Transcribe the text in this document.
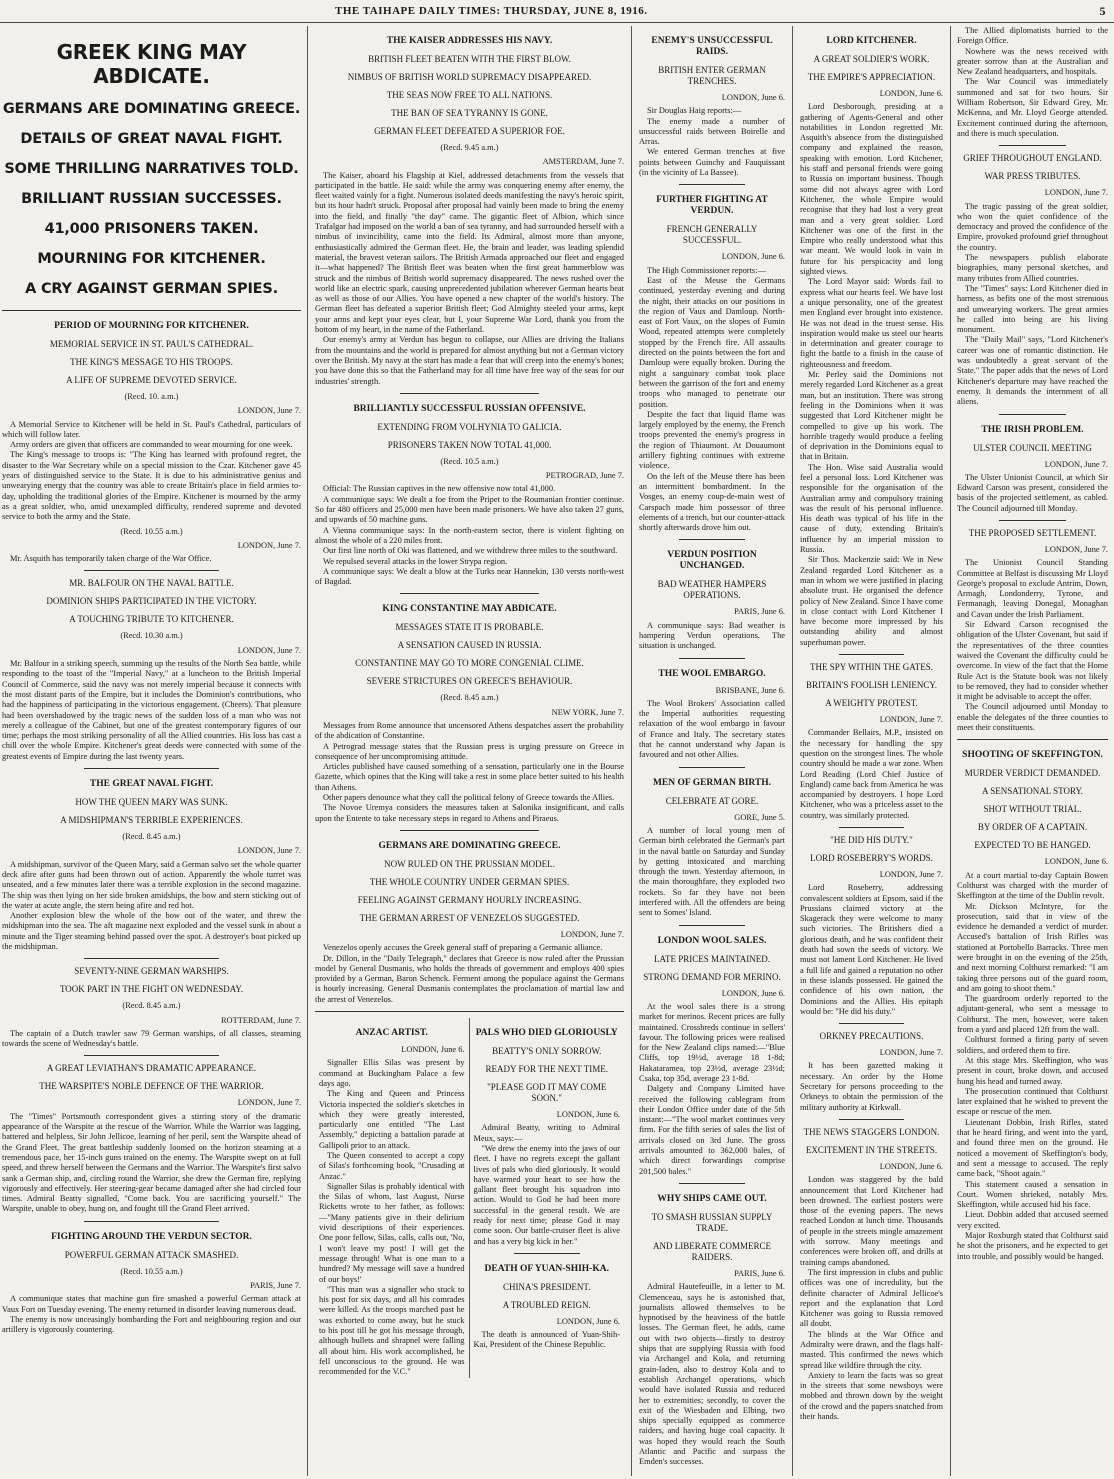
THE TAIHAPE DAILY TIMES: THURSDAY, JUNE 8, 1916.	5
GREEK KING MAY ABDICATE.
GERMANS ARE DOMINATING GREECE.
DETAILS OF GREAT NAVAL FIGHT.
SOME THRILLING NARRATIVES TOLD.
BRILLIANT RUSSIAN SUCCESSES.
41,000 PRISONERS TAKEN.
MOURNING FOR KITCHENER.
A CRY AGAINST GERMAN SPIES.
PERIOD OF MOURNING FOR KITCHENER.
MEMORIAL SERVICE IN ST. PAUL'S CATHEDRAL.
THE KING'S MESSAGE TO HIS TROOPS.
A LIFE OF SUPREME DEVOTED SERVICE.
(Recd. 10. a.m.)
LONDON, June 7.

A Memorial Service to Kitchener will be held in St. Paul's Cathedral, particulars of which will follow later.

Army orders are given that officers are commanded to wear mourning for one week.

The King's message to troops is: "The King has learned with profound regret, the disaster to the War Secretary while on a special mission to the Czar. Kitchener gave 45 years of distinguished service to the State. It is due to his administrative genius and unwearying energy that the country was able to create Britain's place in field armies to-day, upholding the traditional glories of the Empire. Kitchener is mourned by the army as a great soldier, who, amid unexampled difficulty, rendered supreme and devoted service to both the army and the State.

(Recd. 10.55 a.m.)
LONDON, June 7.

Mr. Asquith has temporarily taken charge of the War Office.

MR. BALFOUR ON THE NAVAL BATTLE.
DOMINION SHIPS PARTICIPATED IN THE VICTORY.
A TOUCHING TRIBUTE TO KITCHENER.
(Recd. 10.30 a.m.)
LONDON, June 7.

Mr. Balfour in a striking speech, summing up the results of the North Sea battle, while responding to the toast of the "Imperial Navy," at a luncheon to the British Imperial Council of Commerce, said the navy was not merely imperial because it connects with the most distant parts of the Empire, but it includes the Dominion's contributions, who had the happiness of participating in the victorious engagement. (Cheers). That pleasure had been overshadowed by the tragic news of the sudden loss of a man who was not merely a colleague of the Cabinet, but one of the greatest contemporary figures of our time; perhaps the most striking personality of all the Allied countries. His loss has cast a chill over the whole Empire. Kitchener's great deeds were connected with some of the greatest events of Empire during the last twenty years.

THE GREAT NAVAL FIGHT.
HOW THE QUEEN MARY WAS SUNK.
A MIDSHIPMAN'S TERRIBLE EXPERIENCES.
(Recd. 8.45 a.m.)
LONDON, June 7.

A midshipman, survivor of the Queen Mary, said a German salvo set the whole quarter deck afire after guns had been thrown out of action. Apparently the whole turret was unseated, and a few minutes later there was a terrible explosion in the second magazine. The ship was then lying on her side broken amidships, the bow and stern sticking out of the water at acute angle, the stern being afire and red hot.

Another explosion blew the whole of the bow out of the water, and threw the midshipman into the sea. The aft magazine next exploded and the vessel sunk in about a minute and the Tiger steaming behind passed over the spot. A destroyer's boat picked up the midshipman.

SEVENTY-NINE GERMAN WARSHIPS.
TOOK PART IN THE FIGHT ON WEDNESDAY.
(Recd. 8.45 a.m.)
ROTTERDAM, June 7.

The captain of a Dutch trawler saw 79 German warships, of all classes, steaming towards the scene of Wednesday's battle.

A GREAT LEVIATHAN'S DRAMATIC APPEARANCE.
THE WARSPITE'S NOBLE DEFENCE OF THE WARRIOR.
LONDON, June 7.

The "Times" Portsmouth correspondent gives a stirring story of the dramatic appearance of the Warspite at the rescue of the Warrior. While the Warrior was lagging, battered and helpless, Sir John Jellicoe, learning of her peril, sent the Warspite ahead of the Grand Fleet. The great battleship suddenly loomed on the horizon steaming at a tremendous pace, her 15-inch guns trained on the enemy. The Warspite swept on at full speed, and threw herself between the Germans and the Warrior. The Warspite's first salvo sank a German ship, and, circling round the Warrior, she drew the German fire, replying vigorously and effectively. Her steering-gear became damaged after she had circled four times. Admiral Beatty signalled, "Come back. You are sacrificing yourself." The Warspite, unable to obey, hung on, and fought till the Grand Fleet arrived.

FIGHTING AROUND THE VERDUN SECTOR.
POWERFUL GERMAN ATTACK SMASHED.
(Recd. 10.55 a.m.)
PARIS, June 7.

A communique states that machine gun fire smashed a powerful German attack at Vaux Fort on Tuesday evening. The enemy returned in disorder leaving numerous dead.

The enemy is now unceasingly bombarding the Fort and neighbouring region and our artillery is vigorously countering.

THE KAISER ADDRESSES HIS NAVY.
BRITISH FLEET BEATEN WITH THE FIRST BLOW.
NIMBUS OF BRITISH WORLD SUPREMACY DISAPPEARED.
THE SEAS NOW FREE TO ALL NATIONS.
THE BAN OF SEA TYRANNY IS GONE.
GERMAN FLEET DEFEATED A SUPERIOR FOE.
(Recd. 9.45 a.m.)
AMSTERDAM, June 7.

The Kaiser, aboard his Flagship at Kiel, addressed detachments from the vessels that participated in the battle. He said: while the army was conquering enemy after enemy, the fleet waited vainly for a fight. Numerous isolated deeds manifesting the navy's heroic spirit, but its hour hadn't struck. Proposal after proposal had vainly been made to bring the enemy into the field, and finally "the day" came. The gigantic fleet of Albion, which since Trafalgar had imposed on the world a ban of sea tyranny, and had surrounded herself with a nimbus of invincibility, came into the field. Its Admiral, almost more than anyone, enthusiastically admired the German fleet. He, the brain and leader, was leading splendid material, the bravest veteran sailors. The British Armada approached our fleet and engaged it—what happened? The British fleet was beaten when the first great hammerblow was struck and the nimbus of British world supremacy disappeared. The news rushed over the world like an electric spark, causing unprecedented jubilation wherever German hearts beat as well as those of our Allies. You have opened a new chapter of the world's history. The German fleet has defeated a superior British fleet; God Almighty steeled your arms, kept your arms and kept your eyes clear, but I, your Supreme War Lord, thank you from the bottom of my heart, in the name of the Fatherland.

Our enemy's army at Verdun has begun to collapse, our Allies are driving the Italians from the mountains and the world is prepared for almost anything but not a German victory over the British. My navy at the start has made a fear that will creep into the enemy's bones; you have done this so that the Fatherland may for all time have free way of the seas for our industries' strength.

BRILLIANTLY SUCCESSFUL RUSSIAN OFFENSIVE.
EXTENDING FROM VOLHYNIA TO GALICIA.
PRISONERS TAKEN NOW TOTAL 41,000.
(Recd. 10.5 a.m.)
PETROGRAD, June 7.

Official: The Russian captives in the new offensive now total 41,000.

A communique says: We dealt a foe from the Pripet to the Roumanian frontier continue. So far 480 officers and 25,000 men have been made prisoners. We have also taken 27 guns, and upwards of 50 machine guns.

A Vienna communique says: In the north-eastern sector, there is violent fighting on almost the whole of a 220 miles front.

Our first line north of Oki was flattened, and we withdrew three miles to the southward.

We repulsed several attacks in the lower Strypa region.

A communique says: We dealt a blow at the Turks near Hannekin, 130 versts north-west of Bagdad.

KING CONSTANTINE MAY ABDICATE.
MESSAGES STATE IT IS PROBABLE.
A SENSATION CAUSED IN RUSSIA.
CONSTANTINE MAY GO TO MORE CONGENIAL CLIME.
SEVERE STRICTURES ON GREECE'S BEHAVIOUR.
(Recd. 8.45 a.m.)
NEW YORK, June 7.

Messages from Rome announce that uncensored Athens despatches assert the probability of the abdication of Constantine.

A Petrograd message states that the Russian press is urging pressure on Greece in consequence of her uncompromising attitude.

Articles published have caused something of a sensation, particularly one in the Bourse Gazette, which opines that the King will take a rest in some place better suited to his health than Athens.

Other papers denounce what they call the political felony of Greece towards the Allies.

The Novoe Uremya considers the measures taken at Salonika insignificant, and calls upon the Entente to take necessary steps in regard to Athens and Piraeus.

GERMANS ARE DOMINATING GREECE.
NOW RULED ON THE PRUSSIAN MODEL.
THE WHOLE COUNTRY UNDER GERMAN SPIES.
FEELING AGAINST GERMANY HOURLY INCREASING.
THE GERMAN ARREST OF VENEZELOS SUGGESTED.
LONDON, June 7.

Venezelos openly accuses the Greek general staff of preparing a Germanic alliance.

Dr. Dillon, in the "Daily Telegraph," declares that Greece is now ruled after the Prussian model by General Dusmanis, who holds the threads of government and employs 400 spies provided by a German, Baron Schenck. Ferment among the populace against the Germans is hourly increasing. General Dusmanis contemplates the proclamation of martial law and the arrest of Venezelos.

ANZAC ARTIST.
LONDON, June 6.

Signaller Ellis Silas was present by command at Buckingham Palace a few days ago.

The King and Queen and Princess Victoria inspected the soldier's sketches in which they were greatly interested, particularly one entitled "The Last Assembly," depicting a battalion parade at Gallipoli prior to an attack.

The Queen consented to accept a copy of Silas's forthcoming book, "Crusading at Anzac."

Signaller Silas is probably identical with the Silas of whom, last August, Nurse Ricketts wrote to her father, as follows:—"Many patients give in their delirium vivid descriptions of their experiences. One poor fellow, Silas, calls, calls out, 'No, I won't leave my post! I will get the message through! What is one man to a hundred? My message will save a hundred of our boys!'

"This man was a signaller who stuck to his post for six days, and all his comrades were killed. As the troops marched past he was exhorted to come away, but he stuck to his post till he got his message through, although bullets and shrapnel were falling all about him. His work accomplished, he fell unconscious to the ground. He was recommended for the V.C."

PALS WHO DIED GLORIOUSLY
BEATTY'S ONLY SORROW.
READY FOR THE NEXT TIME.
"PLEASE GOD IT MAY COME SOON."
LONDON, June 6.

Admiral Beatty, writing to Admiral Meux, says:—

"We drew the enemy into the jaws of our fleet. I have no regrets except the gallant lives of pals who died gloriously. It would have warmed your heart to see how the gallant fleet brought his squadron into action. Would to God he had been more successful in the general result. We are ready for next time; please God it may come soon. Our battle-cruiser fleet is alive and has a very big kick in her."

DEATH OF YUAN-SHIH-KA.
CHINA'S PRESIDENT.
A TROUBLED REIGN.
LONDON, June 6.

The death is announced of Yuan-Shih-Kai, President of the Chinese Republic.

ENEMY'S UNSUCCESSFUL RAIDS.
BRITISH ENTER GERMAN TRENCHES.
LONDON, June 6.

Sir Douglas Haig reports:—

The enemy made a number of unsuccessful raids between Boirelle and Arras.

We entered German trenches at five points between Guinchy and Fauquissant (in the vicinity of La Bassee).

FURTHER FIGHTING AT VERDUN.
FRENCH GENERALLY SUCCESSFUL.
LONDON, June 6.

The High Commissioner reports:—

East of the Meuse the Germans continued, yesterday evening and during the night, their attacks on our positions in the region of Vaux and Damloup. North-east of Fort Vaux, on the slopes of Fumin Wood, repeated attempts were completely stopped by the French fire. All assaults directed on the points between the fort and Damloup were equally broken. During the night a sanguinary combat took place between the garrison of the fort and enemy troops who managed to penetrate our position.

Despite the fact that liquid flame was largely employed by the enemy, the French troops prevented the enemy's progress in the region of Thiaumont. At Douaumont artillery fighting continues with extreme violence.

On the left of the Meuse there has been an intermittent bombardment. In the Vosges, an enemy coup-de-main west of Carspach made him possessor of three elements of a trench, but our counter-attack shortly afterwards drove him out.

VERDUN POSITION UNCHANGED.
BAD WEATHER HAMPERS OPERATIONS.
PARIS, June 6.

A communique says: Bad weather is hampering Verdun operations. The situation is unchanged.

THE WOOL EMBARGO.
BRISBANE, June 6.

The Wool Brokers' Association called the Imperial authorities requesting relaxation of the wool embargo in favour of France and Italy. The secretary states that he cannot understand why Japan is favoured and not other Allies.

MEN OF GERMAN BIRTH.
CELEBRATE AT GORE.
GORE, June 5.

A number of local young men of German birth celebrated the German's part in the naval battle on Saturday and Sunday by getting intoxicated and marching through the town. Yesterday afternoon, in the main thoroughfare, they exploded two rockets. So far they have not been interfered with. All the offenders are being sent to Somes' Island.

LONDON WOOL SALES.
LATE PRICES MAINTAINED.
STRONG DEMAND FOR MERINO.
LONDON, June 6.

At the wool sales there is a strong market for merinos. Recent prices are fully maintained. Crossbreds continue in sellers' favour. The following prices were realised for the New Zealand clips named:—"Blue Cliffs, top 19½d, average 18 1-8d; Hakataramea, top 23½d, average 23½d; Csaka, top 35d, average 23 1-8d.

Dalgety and Company Limited have received the following cablegram from their London Office under date of the 5th instant:—"The wool market continues very firm. For the fifth series of sales the list of arrivals closed on 3rd June. The gross arrivals amounted to 362,000 bales, of which direct forwardings comprise 201,500 bales."

WHY SHIPS CAME OUT.
TO SMASH RUSSIAN SUPPLY TRADE.
AND LIBERATE COMMERCE RAIDERS.
PARIS, June 6.

Admiral Hautefeuille, in a letter to M. Clemenceau, says he is astonished that, journalists allowed themselves to be hypnotised by the heaviness of the battle losses. The German fleet, he adds, came out with two objects—firstly to destroy ships that are supplying Russia with food via Archangel and Kola, and returning grain-laden, also to destroy Kola and to establish Archangel operations, which would have isolated Russia and reduced her to extremities; secondly, to cover the exit of the Wiesbaden and Elbing, two ships specially equipped as commerce raiders, and having huge coal capacity. It was hoped they would reach the South Atlantic and Pacific and surpass the Emden's successes.

LORD KITCHENER.
A GREAT SOLDIER'S WORK.
THE EMPIRE'S APPRECIATION.
LONDON, June 6.

Lord Desborough, presiding at a gathering of Agents-General and other notabilities in London regretted Mr. Asquith's absence from the distinguished company and explained the reason, speaking with emotion. Lord Kitchener, his staff and personal friends were going to Russia on important business. Though some did not always agree with Lord Kitchener, the whole Empire would recognise that they had lost a very great man and a very great soldier. Lord Kitchener was one of the first in the Empire who really understood what this war meant. We would look in vain in future for his perspicacity and long sighted views.

The Lord Mayor said: Words fail to express what our hearts feel. We have lost a unique personality, one of the greatest men England ever brought into existence. He was not dead in the truest sense. His inspiration would make us steel our hearts in determination and greater courage to fight the battle to a finish in the cause of righteousness and freedom.

Mr. Perley said the Dominions not merely regarded Lord Kitchener as a great man, but an institution. There was strong feeling in the Dominions when it was suggested that Lord Kitchener might be compelled to give up his work. The horrible tragedy would produce a feeling of deprivation in the Dominions equal to that in Britain.

The Hon. Wise said Australia would feel a personal loss. Lord Kitchener was responsible for the organisation of the Australian army and compulsory training was the result of his personal influence. His death was typical of his life in the cause of duty, extending Britain's influence by an imperial mission to Russia.

Sir Thos. Mackenzie said: We in New Zealand regarded Lord Kitchener as a man in whom we were justified in placing absolute trust. He organised the defence policy of New Zealand. Since I have come in close contact with Lord Kitchener I have become more impressed by his outstanding ability and almost superhuman power.

THE SPY WITHIN THE GATES.
BRITAIN'S FOOLISH LENIENCY.
A WEIGHTY PROTEST.
LONDON, June 7.

Commander Bellairs, M.P., insisted on the necessary for handling the spy question on the strongest lines. The whole country should be made a war zone. When Lord Reading (Lord Chief Justice of England) came back from America he was accompanied by destroyers. I hope Lord Kitchener, who was a priceless asset to the country, was similarly protected.

"HE DID HIS DUTY."
LORD ROSEBERRY'S WORDS.
LONDON, June 7.

Lord Roseberry, addressing convalescent soldiers at Epsom, said if the Prussians claimed victory at the Skagerack they were welcome to many such victories. The Britishers died a glorious death, and he was confident their death had sown the seeds of victory. We must not lament Lord Kitchener. He lived a full life and gained a reputation no other in these islands possessed. He gained the confidence of his own nation, the Dominions and the Allies. His epitaph would be: "He did his duty."

ORKNEY PRECAUTIONS.
LONDON, June 7.

It has been gazetted making it necessary. An order by the Home Secretary for persons proceeding to the Orkneys to obtain the permission of the military authority at Kirkwall.

THE NEWS STAGGERS LONDON.
EXCITEMENT IN THE STREETS.
LONDON, June 6.

London was staggered by the bald announcement that Lord Kitchener had been drowned. The earliest posters were those of the evening papers. The news reached London at lunch time. Thousands of people in the streets mingle amazement with sorrow. Many meetings and conferences were broken off, and drills at training camps abandoned.

The first impression in clubs and public offices was one of incredulity, but the definite character of Admiral Jellicoe's report and the explanation that Lord Kitchener was going to Russia removed all doubt.

The blinds at the War Office and Admiralty were drawn, and the flags half-masted. This confirmed the news which spread like wildfire through the city.

Anxiety to learn the facts was so great in the streets that some newsboys were mobbed and thrown down by the weight of the crowd and the papers snatched from their hands.

The Allied diplomatists hurried to the Foreign Office.

Nowhere was the news received with greater sorrow than at the Australian and New Zealand headquarters, and hospitals.

The War Council was immediately summoned and sat for two hours. Sir William Robertson, Sir Edward Grey, Mr. McKenna, and Mr. Lloyd George attended. Excitement continued during the afternoon, and there is much speculation.

GRIEF THROUGHOUT ENGLAND.
WAR PRESS TRIBUTES.
LONDON, June 7.

The tragic passing of the great soldier, who won the quiet confidence of the democracy and proved the confidence of the Empire, provoked profound grief throughout the country.

The newspapers publish elaborate biographies, many personal sketches, and many tributes from Allied countries.

The "Times" says: Lord Kitchener died in harness, as befits one of the most strenuous and unwearying workers. The great armies he called into being are his living monument.

The "Daily Mail" says, "Lord Kitchener's career was one of romantic distinction. He was undoubtedly a great servant of the State." The paper adds that the news of Lord Kitchener's departure may have reached the enemy. It demands the internment of all aliens.

THE IRISH PROBLEM.
ULSTER COUNCIL MEETING
LONDON, June 7.

The Ulster Unionist Council, at which Sir Edward Carson was present, considered the basis of the projected settlement, as cabled. The Council adjourned till Monday.

THE PROPOSED SETTLEMENT.
LONDON, June 7.

The Unionist Council Standing Committee at Belfast is discussing Mr Lloyd George's proposal to exclude Antrim, Down, Armagh, Londonderry, Tyrone, and Fermanagh, leaving Donegal, Monaghan and Cavan under the Irish Parliament.

Sir Edward Carson recognised the obligation of the Ulster Covenant, but said if the representatives of the three counties waived the Covenant the difficulty could be overcome. In view of the fact that the Home Rule Act is the Statute book was not likely to be removed, they had to consider whether it might be advisable to accept the offer.

The Council adjourned until Monday to enable the delegates of the three counties to meet their constituents.

SHOOTING OF SKEFFINGTON.
MURDER VERDICT DEMANDED.
A SENSATIONAL STORY.
SHOT WITHOUT TRIAL.
BY ORDER OF A CAPTAIN.
EXPECTED TO BE HANGED.
LONDON, June 6.

At a court martial to-day Captain Bowen Colthurst was charged with the murder of Skeffington at the time of the Dublin revolt.

Mr. Dickson McIntyre, for the prosecution, said that in view of the evidence he demanded a verdict of murder. Accused's battalion of Irish Rifles was stationed at Portobello Barracks. Three men were brought in on the evening of the 25th, and next morning Colthurst remarked: "I am taking three persons out of the guard room, and am going to shoot them."

The guardroom orderly reported to the adjutant-general, who sent a message to Colthurst. The men, however, were taken from a yard and placed 12ft from the wall.

Colthurst formed a firing party of seven soldiers, and ordered them to fire.

At this stage Mrs. Skeffington, who was present in court, broke down, and accused hung his head and turned away.

The prosecution continued that Colthurst later explained that he wished to prevent the escape or rescue of the men.

Lieutenant Dobbin, Irish Rifles, stated that he heard firing, and went into the yard, and found three men on the ground. He noticed a movement of Skeffington's body, and sent a message to accused. The reply came back, "Shoot again."

This statement caused a sensation in Court. Women shrieked, notably Mrs. Skeffington, while accused hid his face.

Lieut. Dobbin added that accused seemed very excited.

Major Roxburgh stated that Colthurst said he shot the prisoners, and he expected to get into trouble, and possibly would be hanged.
